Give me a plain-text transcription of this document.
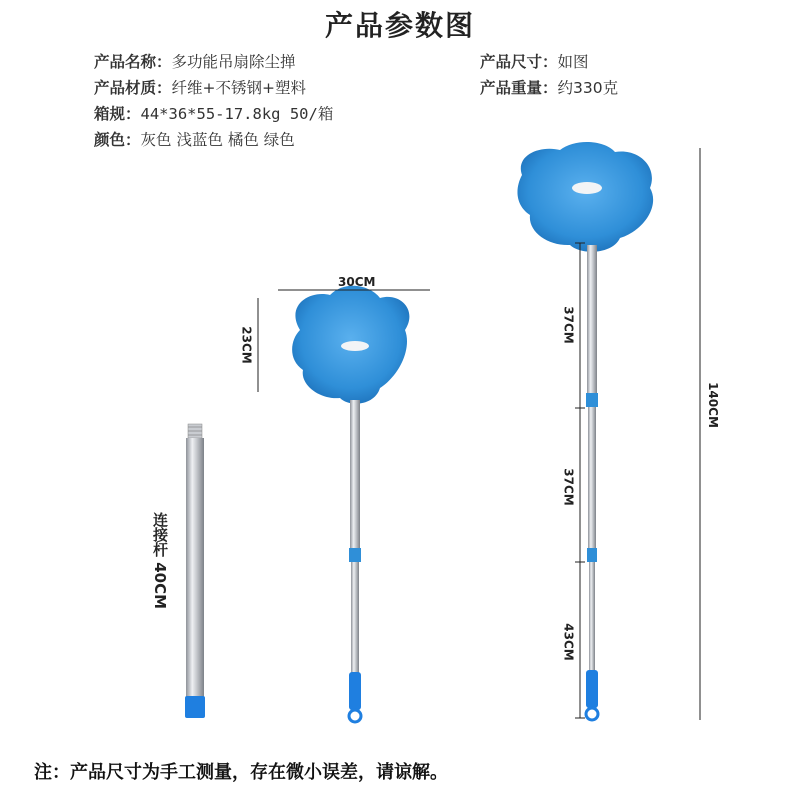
产品参数图
产品名称：多功能吊扇除尘掸
产品材质：纤维+不锈钢+塑料
箱规：44*36*55-17.8kg 50/箱
颜色：灰色 浅蓝色 橘色 绿色
产品尺寸：如图
产品重量：约330克
30CM
23CM
37CM
37CM
43CM
140CM
连接杆 40CM
注：产品尺寸为手工测量，存在微小误差，请谅解。
